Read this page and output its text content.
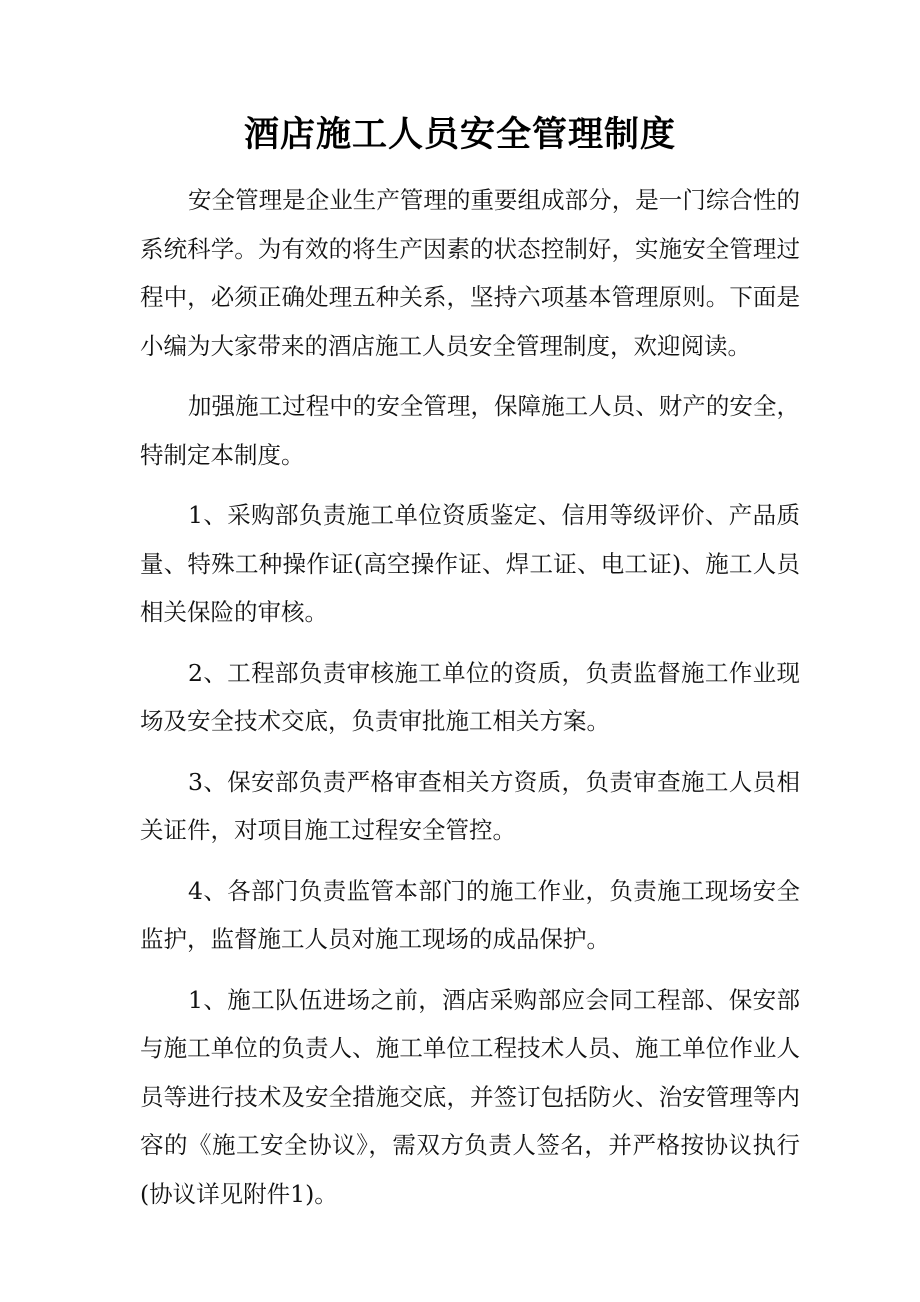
酒店施工人员安全管理制度

安全管理是企业生产管理的重要组成部分，是一门综合性的系统科学。为有效的将生产因素的状态控制好，实施安全管理过程中，必须正确处理五种关系，坚持六项基本管理原则。下面是小编为大家带来的酒店施工人员安全管理制度，欢迎阅读。

加强施工过程中的安全管理，保障施工人员、财产的安全，特制定本制度。

1、采购部负责施工单位资质鉴定、信用等级评价、产品质量、特殊工种操作证(高空操作证、焊工证、电工证)、施工人员相关保险的审核。

2、工程部负责审核施工单位的资质，负责监督施工作业现场及安全技术交底，负责审批施工相关方案。

3、保安部负责严格审查相关方资质，负责审查施工人员相关证件，对项目施工过程安全管控。

4、各部门负责监管本部门的施工作业，负责施工现场安全监护，监督施工人员对施工现场的成品保护。

1、施工队伍进场之前，酒店采购部应会同工程部、保安部与施工单位的负责人、施工单位工程技术人员、施工单位作业人员等进行技术及安全措施交底，并签订包括防火、治安管理等内容的《施工安全协议》，需双方负责人签名，并严格按协议执行(协议详见附件1)。
